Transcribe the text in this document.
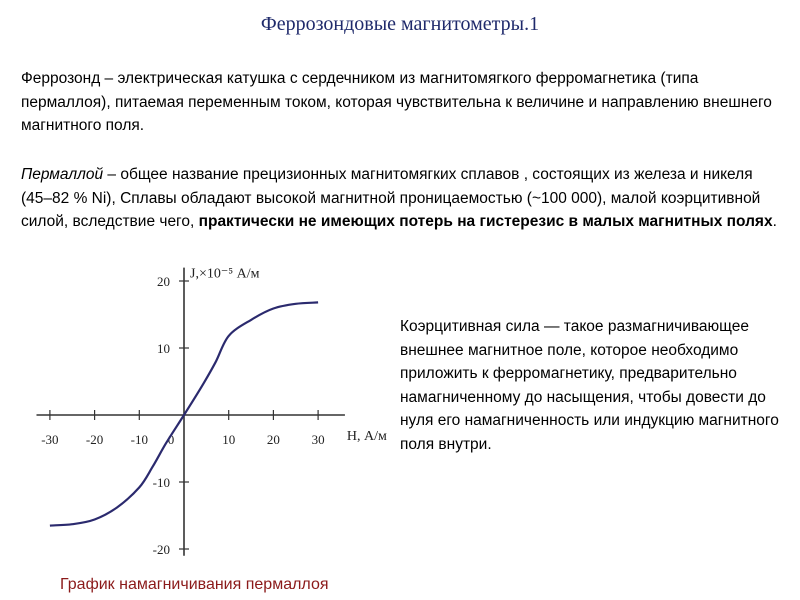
Феррозондовые магнитометры.1
Феррозонд – электрическая катушка с сердечником из магнитомягкого ферромагнетика (типа пермаллоя), питаемая переменным током, которая чувствительна к величине и направлению внешнего магнитного поля.
Пермаллой – общее название прецизионных магнитомягких сплавов , состоящих из железа и никеля (45–82 % Ni), Сплавы обладают высокой магнитной проницаемостью (~100 000), малой коэрцитивной силой, вследствие чего, практически не имеющих потерь на гистерезис в малых магнитных полях.
-30 -20 -10 0	10 20 30
20
10
-10
-20
H, А/м
J,×10⁻⁵ А/м
Коэрцитивная сила — такое размагничивающее внешнее магнитное поле, которое необходимо приложить к ферромагнетику, предварительно намагниченному до насыщения, чтобы довести до нуля его намагниченность или индукцию магнитного поля внутри.
График намагничивания пермаллоя
